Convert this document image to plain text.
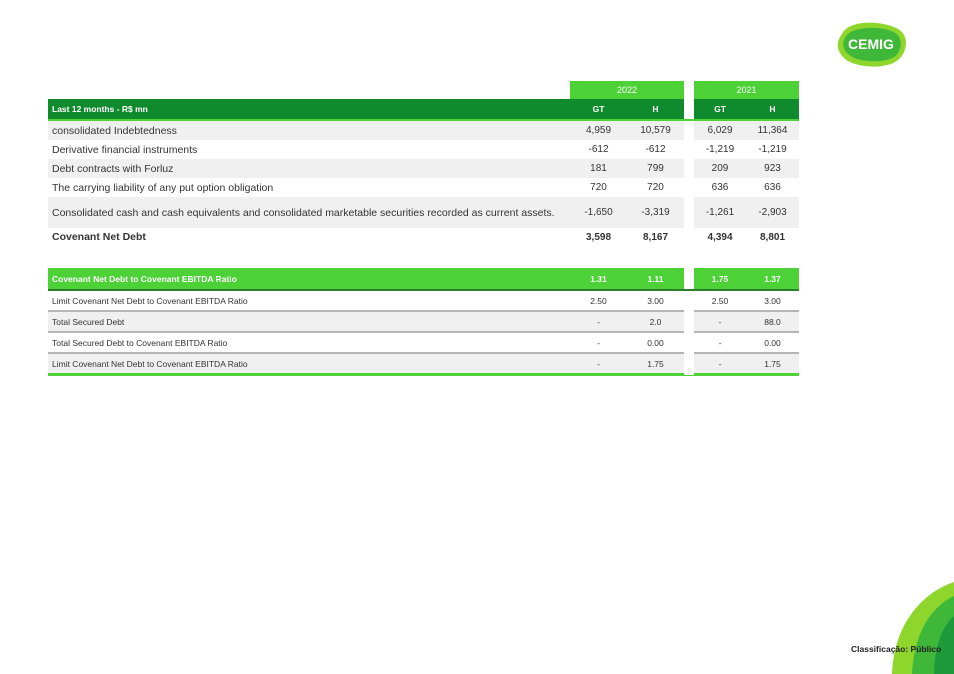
CEMIG
Classificação: Público
2022	2021
Last 12 months - R$ mn	GT	H	GT	H
consolidated Indebtedness	4,959	10,579	6,029	11,364
Derivative financial instruments	-612	-612	-1,219	-1,219
Debt contracts with Forluz	181	799	209	923
The carrying liability of any put option obligation	720	720	636	636
Consolidated cash and cash equivalents and consolidated marketable securities recorded as current assets.	-1,650	-3,319	-1,261	-2,903
Covenant Net Debt	3,598	8,167	4,394	8,801
Covenant Net Debt to Covenant EBITDA Ratio	1.31	1.11	1.75	1.37
Limit Covenant Net Debt to Covenant EBITDA Ratio	2.50	3.00	2.50	3.00
Total Secured Debt	-	2.0	-	88.0
Total Secured Debt to Covenant EBITDA Ratio	-	0.00	-	0.00
Limit Covenant Net Debt to Covenant EBITDA Ratio	-	1.75	-	1.75
